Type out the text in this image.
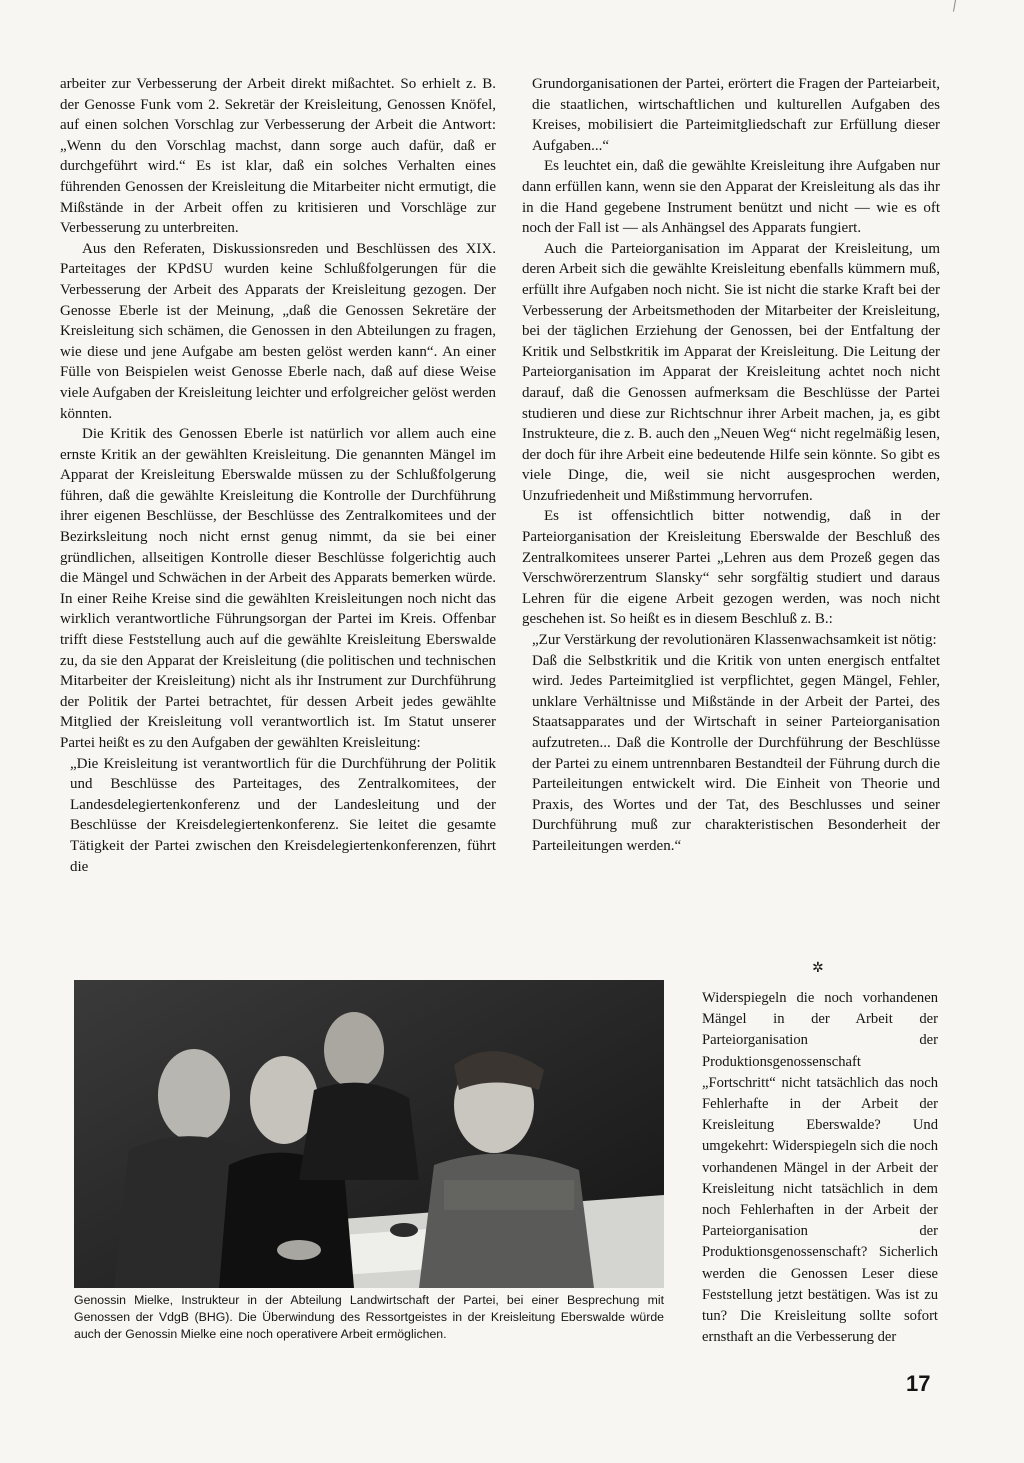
arbeiter zur Verbesserung der Arbeit direkt mißachtet. So erhielt z. B. der Genosse Funk vom 2. Sekretär der Kreisleitung, Genossen Knöfel, auf einen solchen Vorschlag zur Verbesserung der Arbeit die Antwort: „Wenn du den Vorschlag machst, dann sorge auch dafür, daß er durchgeführt wird.“ Es ist klar, daß ein solches Verhalten eines führenden Genossen der Kreisleitung die Mitarbeiter nicht ermutigt, die Mißstände in der Arbeit offen zu kritisieren und Vorschläge zur Verbesserung zu unterbreiten.

Aus den Referaten, Diskussionsreden und Beschlüssen des XIX. Parteitages der KPdSU wurden keine Schlußfolgerungen für die Verbesserung der Arbeit des Apparats der Kreisleitung gezogen. Der Genosse Eberle ist der Meinung, „daß die Genossen Sekretäre der Kreisleitung sich schämen, die Genossen in den Abteilungen zu fragen, wie diese und jene Aufgabe am besten gelöst werden kann“. An einer Fülle von Beispielen weist Genosse Eberle nach, daß auf diese Weise viele Aufgaben der Kreisleitung leichter und erfolgreicher gelöst werden könnten.

Die Kritik des Genossen Eberle ist natürlich vor allem auch eine ernste Kritik an der gewählten Kreisleitung. Die genannten Mängel im Apparat der Kreisleitung Eberswalde müssen zu der Schlußfolgerung führen, daß die gewählte Kreisleitung die Kontrolle der Durchführung ihrer eigenen Beschlüsse, der Beschlüsse des Zentralkomitees und der Bezirksleitung noch nicht ernst genug nimmt, da sie bei einer gründlichen, allseitigen Kontrolle dieser Beschlüsse folgerichtig auch die Mängel und Schwächen in der Arbeit des Apparats bemerken würde. In einer Reihe Kreise sind die gewählten Kreisleitungen noch nicht das wirklich verantwortliche Führungsorgan der Partei im Kreis. Offenbar trifft diese Feststellung auch auf die gewählte Kreisleitung Eberswalde zu, da sie den Apparat der Kreisleitung (die politischen und technischen Mitarbeiter der Kreisleitung) nicht als ihr Instrument zur Durchführung der Politik der Partei betrachtet, für dessen Arbeit jedes gewählte Mitglied der Kreisleitung voll verantwortlich ist. Im Statut unserer Partei heißt es zu den Aufgaben der gewählten Kreisleitung:

„Die Kreisleitung ist verantwortlich für die Durchführung der Politik und Beschlüsse des Parteitages, des Zentralkomitees, der Landesdelegiertenkonferenz und der Landesleitung und der Beschlüsse der Kreisdelegiertenkonferenz. Sie leitet die gesamte Tätigkeit der Partei zwischen den Kreisdelegiertenkonferenzen, führt die

Grundorganisationen der Partei, erörtert die Fragen der Parteiarbeit, die staatlichen, wirtschaftlichen und kulturellen Aufgaben des Kreises, mobilisiert die Parteimitgliedschaft zur Erfüllung dieser Aufgaben...“

Es leuchtet ein, daß die gewählte Kreisleitung ihre Aufgaben nur dann erfüllen kann, wenn sie den Apparat der Kreisleitung als das ihr in die Hand gegebene Instrument benützt und nicht — wie es oft noch der Fall ist — als Anhängsel des Apparats fungiert.

Auch die Parteiorganisation im Apparat der Kreisleitung, um deren Arbeit sich die gewählte Kreisleitung ebenfalls kümmern muß, erfüllt ihre Aufgaben noch nicht. Sie ist nicht die starke Kraft bei der Verbesserung der Arbeitsmethoden der Mitarbeiter der Kreisleitung, bei der täglichen Erziehung der Genossen, bei der Entfaltung der Kritik und Selbstkritik im Apparat der Kreisleitung. Die Leitung der Parteiorganisation im Apparat der Kreisleitung achtet noch nicht darauf, daß die Genossen aufmerksam die Beschlüsse der Partei studieren und diese zur Richtschnur ihrer Arbeit machen, ja, es gibt Instrukteure, die z. B. auch den „Neuen Weg“ nicht regelmäßig lesen, der doch für ihre Arbeit eine bedeutende Hilfe sein könnte. So gibt es viele Dinge, die, weil sie nicht ausgesprochen werden, Unzufriedenheit und Mißstimmung hervorrufen.

Es ist offensichtlich bitter notwendig, daß in der Parteiorganisation der Kreisleitung Eberswalde der Beschluß des Zentralkomitees unserer Partei „Lehren aus dem Prozeß gegen das Verschwörerzentrum Slansky“ sehr sorgfältig studiert und daraus Lehren für die eigene Arbeit gezogen werden, was noch nicht geschehen ist. So heißt es in diesem Beschluß z. B.:

„Zur Verstärkung der revolutionären Klassenwachsamkeit ist nötig:

Daß die Selbstkritik und die Kritik von unten energisch entfaltet wird. Jedes Parteimitglied ist verpflichtet, gegen Mängel, Fehler, unklare Verhältnisse und Mißstände in der Arbeit der Partei, des Staatsapparates und der Wirtschaft in seiner Parteiorganisation aufzutreten... Daß die Kontrolle der Durchführung der Beschlüsse der Partei zu einem untrennbaren Bestandteil der Führung durch die Parteileitungen entwickelt wird. Die Einheit von Theorie und Praxis, des Wortes und der Tat, des Beschlusses und seiner Durchführung muß zur charakteristischen Besonderheit der Parteileitungen werden.“

✲
Genossin Mielke, Instrukteur in der Abteilung Landwirtschaft der Partei, bei einer Besprechung mit Genossen der VdgB (BHG). Die Überwindung des Ressortgeistes in der Kreisleitung Eberswalde würde auch der Genossin Mielke eine noch operativere Arbeit ermöglichen.

Widerspiegeln die noch vorhandenen Mängel in der Arbeit der Parteiorganisation der Produktionsgenossenschaft „Fortschritt“ nicht tatsächlich das noch Fehlerhafte in der Arbeit der Kreisleitung Eberswalde? Und umgekehrt: Widerspiegeln sich die noch vorhandenen Mängel in der Arbeit der Kreisleitung nicht tatsächlich in dem noch Fehlerhaften in der Arbeit der Parteiorganisation der Produktionsgenossenschaft? Sicherlich werden die Genossen Leser diese Feststellung jetzt bestätigen. Was ist zu tun? Die Kreisleitung sollte sofort ernsthaft an die Verbesserung der

17
